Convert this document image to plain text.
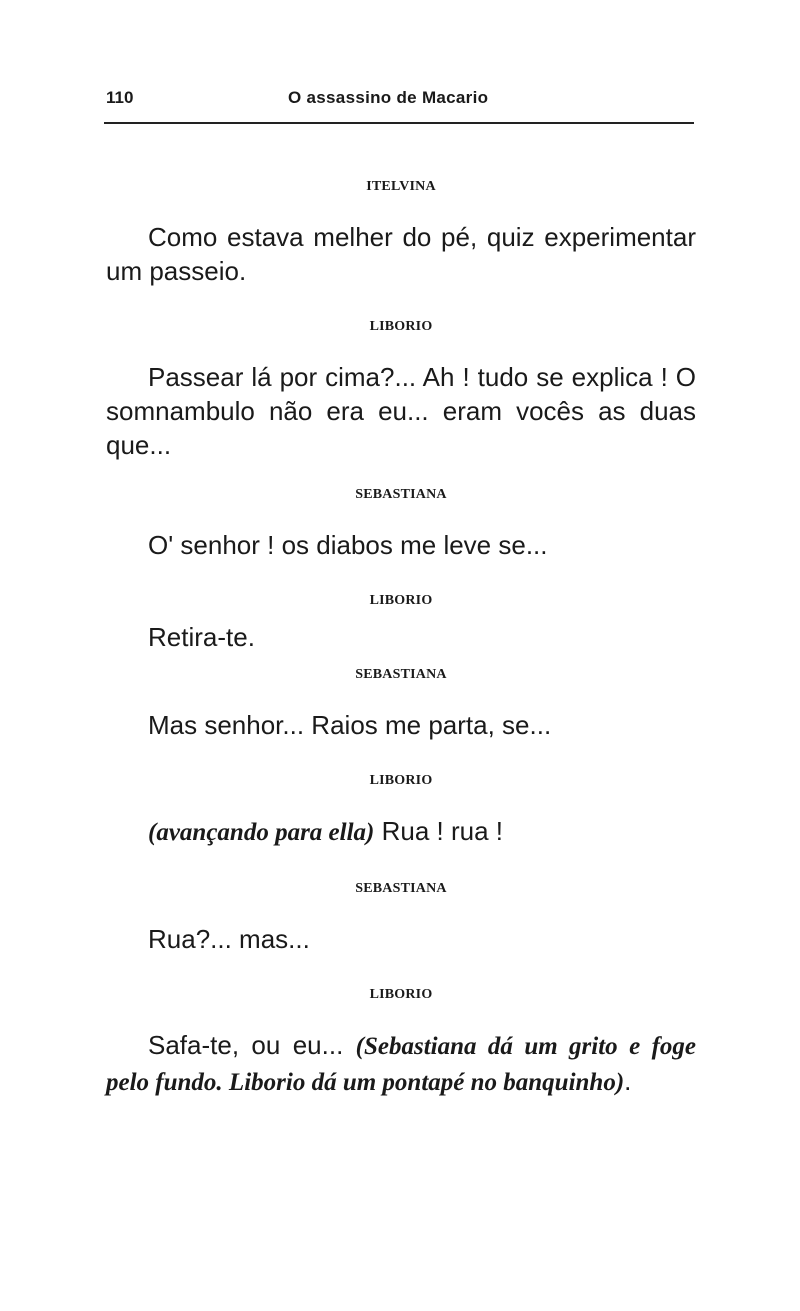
110	O assassino de Macario

ITELVINA

Como estava melher do pé, quiz experimentar um passeio.

LIBORIO

Passear lá por cima?... Ah ! tudo se explica ! O somnambulo não era eu... eram vocês as duas que...

SEBASTIANA

O' senhor ! os diabos me leve se...

LIBORIO

Retira-te.

SEBASTIANA

Mas senhor... Raios me parta, se...

LIBORIO

(avançando para ella) Rua ! rua !

SEBASTIANA

Rua?... mas...

LIBORIO

Safa-te, ou eu... (Sebastiana dá um grito e foge pelo fundo. Liborio dá um pontapé no banquinho).
